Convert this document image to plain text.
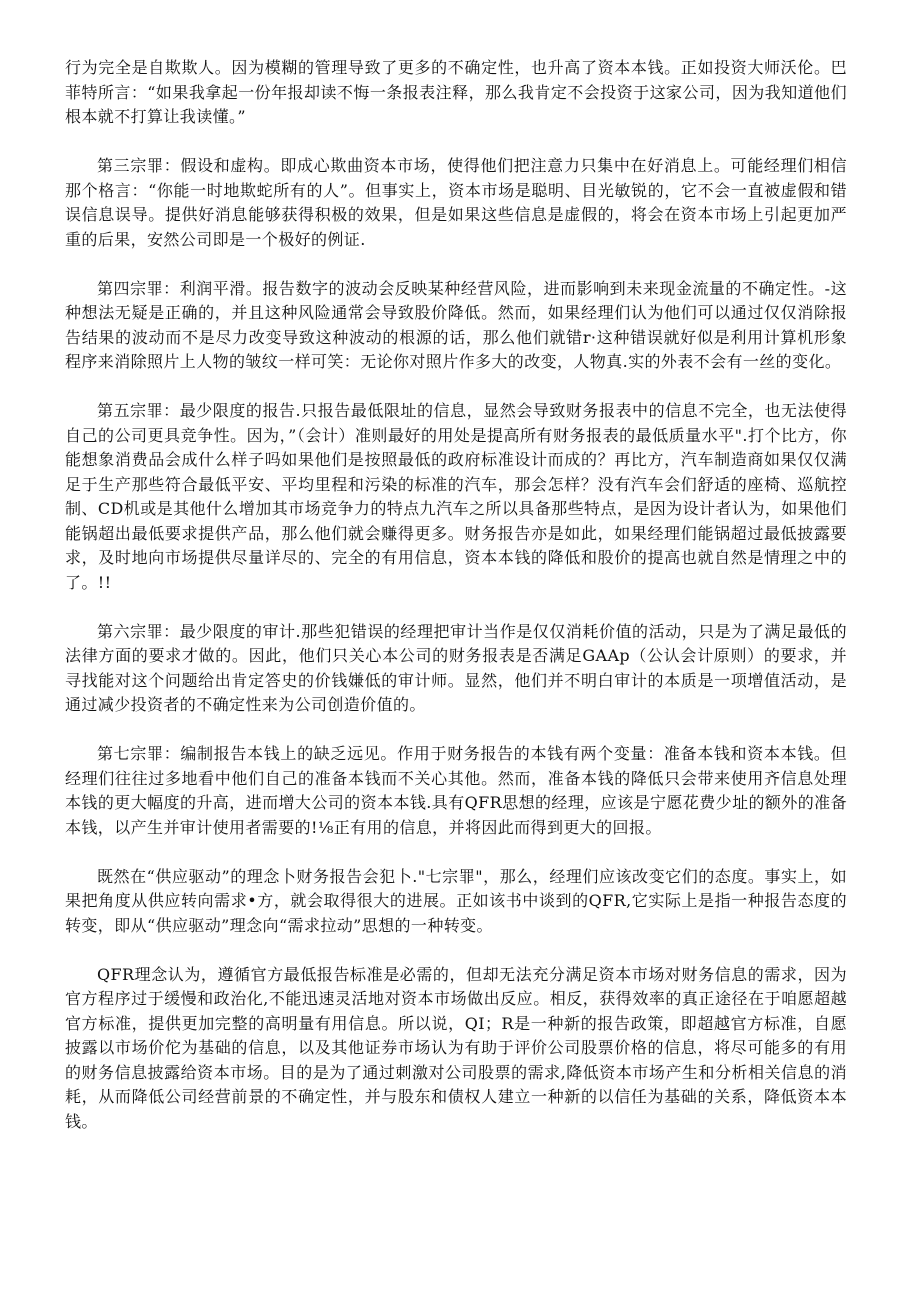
行为完全是自欺欺人。因为模糊的管理导致了更多的不确定性，也升高了资本本钱。正如投资大师沃伦。巴菲特所言：“如果我拿起一份年报却读不悔一条报表注释，那么我肯定不会投资于这家公司，因为我知道他们根本就不打算让我读懂。”

第三宗罪：假设和虚构。即成心欺曲资本市场，使得他们把注意力只集中在好消息上。可能经理们相信那个格言：“你能一时地欺蛇所有的人”。但事实上，资本市场是聪明、目光敏锐的，它不会一直被虚假和错误信息误导。提供好消息能够获得积极的效果，但是如果这些信息是虚假的，将会在资本市场上引起更加严重的后果，安然公司即是一个极好的例证.

第四宗罪：利润平滑。报告数字的波动会反映某种经营风险，进而影响到未来现金流量的不确定性。-这种想法无疑是正确的，并且这种风险通常会导致股价降低。然而，如果经理们认为他们可以通过仅仅消除报告结果的波动而不是尽力改变导致这种波动的根源的话，那么他们就错r·这种错误就好似是利用计算机形象程序来消除照片上人物的皱纹一样可笑：无论你对照片作多大的改变，人物真.实的外表不会有一丝的变化。

第五宗罪：最少限度的报告.只报告最低限址的信息，显然会导致财务报表中的信息不完全，也无法使得自己的公司更具竞争性。因为，”（会计）准则最好的用处是提高所有财务报表的最低质量水平".打个比方，你能想象消费品会成什么样子吗如果他们是按照最低的政府标准设计而成的？再比方，汽车制造商如果仅仅满足于生产那些符合最低平安、平均里程和污染的标准的汽车，那会怎样？没有汽车会们舒适的座椅、巡航控制、CD机或是其他什么增加其市场竞争力的特点九汽车之所以具备那些特点，是因为设计者认为，如果他们能锅超出最低要求提供产品，那么他们就会赚得更多。财务报告亦是如此，如果经理们能锅超过最低披露要求，及时地向市场提供尽量详尽的、完全的有用信息，资本本钱的降低和股价的提高也就自然是情理之中的了。!!

第六宗罪：最少限度的审计.那些犯错误的经理把审计当作是仅仅消耗价值的活动，只是为了满足最低的法律方面的要求才做的。因此，他们只关心本公司的财务报表是否满足GAAp（公认会计原则）的要求，并寻找能对这个问题给出肯定答史的价钱嫌低的审计师。显然，他们并不明白审计的本质是一项增值活动，是通过减少投资者的不确定性来为公司创造价值的。

第七宗罪：编制报告本钱上的缺乏远见。作用于财务报告的本钱有两个变量：准备本钱和资本本钱。但经理们往往过多地看中他们自己的准备本钱而不关心其他。然而，准备本钱的降低只会带来使用齐信息处理本钱的更大幅度的升高，进而增大公司的资本本钱.具有QFR思想的经理，应该是宁愿花费少址的额外的准备本钱，以产生并审计使用者需要的!⅛正有用的信息，并将因此而得到更大的回报。

既然在“供应驱动”的理念卜财务报告会犯卜."七宗罪"，那么，经理们应该改变它们的态度。事实上，如果把角度从供应转向需求•方，就会取得很大的进展。正如该书中谈到的QFR,它实际上是指一种报告态度的转变，即从“供应驱动”理念向“需求拉动”思想的一种转变。

QFR理念认为，遵循官方最低报告标准是必需的，但却无法充分满足资本市场对财务信息的需求，因为官方程序过于缓慢和政治化,不能迅速灵活地对资本市场做出反应。相反，获得效率的真正途径在于咱愿超越官方标准，提供更加完整的高明量有用信息。所以说，QI；R是一种新的报告政策，即超越官方标准，自愿披露以市场价佗为基础的信息，以及其他证券市场认为有助于评价公司股票价格的信息，将尽可能多的有用的财务信息披露给资本市场。目的是为了通过刺激对公司股票的需求,降低资本市场产生和分析相关信息的消耗，从而降低公司经营前景的不确定性，并与股东和债权人建立一种新的以信任为基础的关系，降低资本本钱。
